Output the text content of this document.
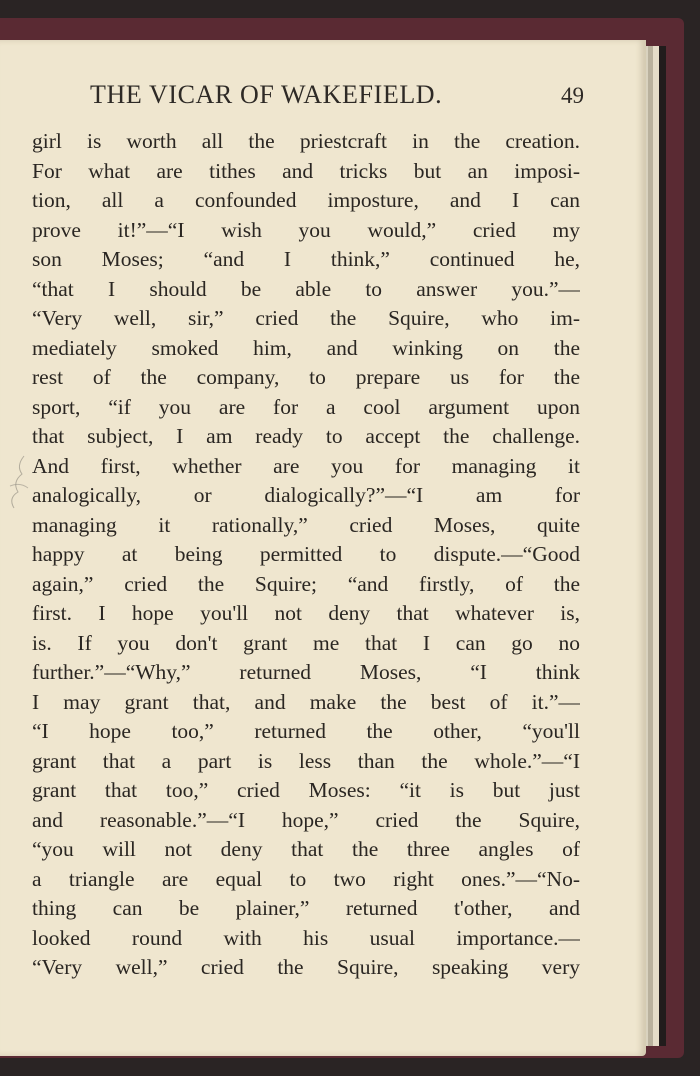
THE VICAR OF WAKEFIELD.	49
girl is worth all the priestcraft in the creation.
For what are tithes and tricks but an imposi-
tion, all a confounded imposture, and I can
prove it!”—“I wish you would,” cried my
son Moses; “and I think,” continued he,
“that I should be able to answer you.”—
“Very well, sir,” cried the Squire, who im-
mediately smoked him, and winking on the
rest of the company, to prepare us for the
sport, “if you are for a cool argument upon
that subject, I am ready to accept the challenge.
And first, whether are you for managing it
analogically, or dialogically?”—“I am for
managing it rationally,” cried Moses, quite
happy at being permitted to dispute.—“Good
again,” cried the Squire; “and firstly, of the
first. I hope you'll not deny that whatever is,
is. If you don't grant me that I can go no
further.”—“Why,” returned Moses, “I think
I may grant that, and make the best of it.”—
“I hope too,” returned the other, “you'll
grant that a part is less than the whole.”—“I
grant that too,” cried Moses: “it is but just
and reasonable.”—“I hope,” cried the Squire,
“you will not deny that the three angles of
a triangle are equal to two right ones.”—“No-
thing can be plainer,” returned t'other, and
looked round with his usual importance.—
“Very well,” cried the Squire, speaking very
